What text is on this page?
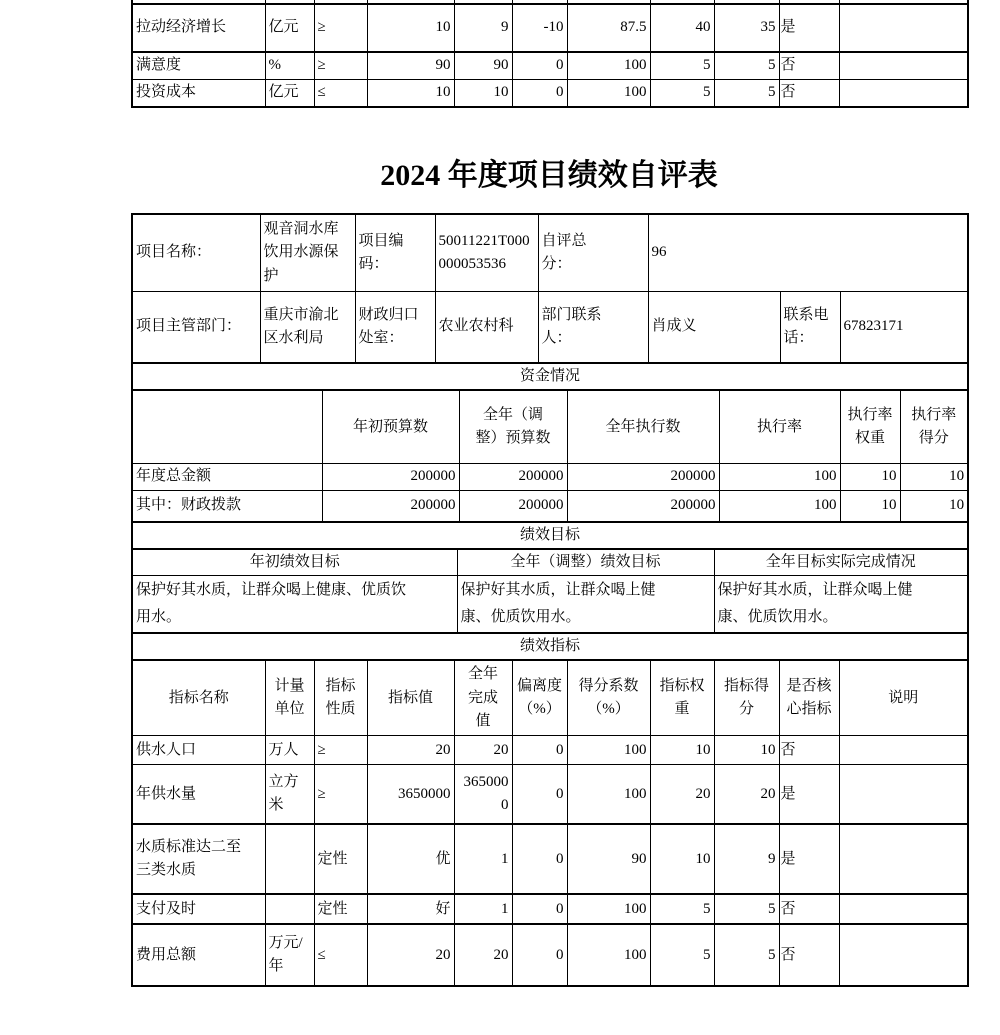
拉动经济增长	亿元	≥	10	9	-10	87.5	40	35	是	
满意度	%	≥	90	90	0	100	5	5	否	
投资成本	亿元	≤	10	10	0	100	5	5	否	
2024 年度项目绩效自评表
项目名称：	观音洞水库饮用水源保护	项目编码：	50011221T000000053536	自评总分：	96		
项目主管部门：	重庆市渝北区水利局	财政归口处室：	农业农村科	部门联系人：	肖成义	联系电话：	67823171
资金情况						
	年初预算数	全年（调整）预算数	全年执行数	执行率	执行率权重	执行率得分
年度总金额	200000	200000	200000	100	10	10
其中：财政拨款	200000	200000	200000	100	10	10
绩效目标		
年初绩效目标	全年（调整）绩效目标	全年目标实际完成情况
保护好其水质，让群众喝上健康、优质饮用水。	保护好其水质，让群众喝上健康、优质饮用水。	保护好其水质，让群众喝上健康、优质饮用水。
绩效指标										
指标名称	计量单位	指标性质	指标值	全年完成值	偏离度（%）	得分系数（%）	指标权重	指标得分	是否核心指标	说明
供水人口	万人	≥	20	20	0	100	10	10	否	
年供水量	立方米	≥	3650000	3650000	0	100	20	20	是	
水质标准达二至三类水质		定性	优	1	0	90	10	9	是	
支付及时		定性	好	1	0	100	5	5	否	
费用总额	万元/年	≤	20	20	0	100	5	5	否	
